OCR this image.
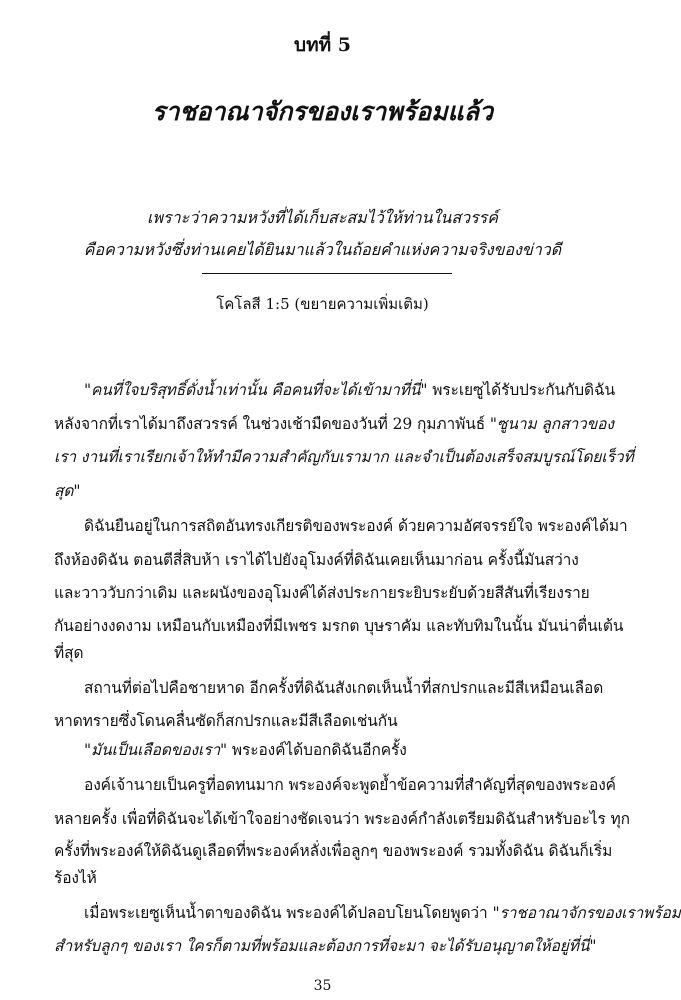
บทที่ 5
ราชอาณาจักรของเราพร้อมแล้ว
เพราะว่าความหวังที่ได้เก็บสะสมไว้ให้ท่านในสวรรค์
คือความหวังซึ่งท่านเคยได้ยินมาแล้วในถ้อยคำแห่งความจริงของข่าวดี
โคโลสี 1:5 (ขยายความเพิ่มเติม)
"คนที่ใจบริสุทธิ์ดั่งน้ำเท่านั้น คือคนที่จะได้เข้ามาที่นี่" พระเยซูได้รับประกันกับดิฉัน
หลังจากที่เราได้มาถึงสวรรค์ ในช่วงเช้ามืดของวันที่ 29 กุมภาพันธ์ "ซูนาม ลูกสาวของ
เรา งานที่เราเรียกเจ้าให้ทำมีความสำคัญกับเรามาก และจำเป็นต้องเสร็จสมบูรณ์โดยเร็วที่
สุด"
ดิฉันยืนอยู่ในการสถิตอันทรงเกียรติของพระองค์ ด้วยความอัศจรรย์ใจ พระองค์ได้มา
ถึงห้องดิฉัน ตอนตีสี่สิบห้า เราได้ไปยังอุโมงค์ที่ดิฉันเคยเห็นมาก่อน ครั้งนี้มันสว่าง
และวาววับกว่าเดิม และผนังของอุโมงค์ได้ส่งประกายระยิบระยับด้วยสีสันที่เรียงราย
กันอย่างงดงาม เหมือนกับเหมืองที่มีเพชร มรกต บุษราคัม และทับทิมในนั้น มันน่าตื่นเต้น
ที่สุด
สถานที่ต่อไปคือชายหาด อีกครั้งที่ดิฉันสังเกตเห็นน้ำที่สกปรกและมีสีเหมือนเลือด
หาดทรายซึ่งโดนคลื่นซัดก็สกปรกและมีสีเลือดเช่นกัน
"มันเป็นเลือดของเรา" พระองค์ได้บอกดิฉันอีกครั้ง
องค์เจ้านายเป็นครูที่อดทนมาก พระองค์จะพูดย้ำข้อความที่สำคัญที่สุดของพระองค์
หลายครั้ง เพื่อที่ดิฉันจะได้เข้าใจอย่างชัดเจนว่า พระองค์กำลังเตรียมดิฉันสำหรับอะไร ทุก
ครั้งที่พระองค์ให้ดิฉันดูเลือดที่พระองค์หลั่งเพื่อลูกๆ ของพระองค์ รวมทั้งดิฉัน ดิฉันก็เริ่ม
ร้องไห้
เมื่อพระเยซูเห็นน้ำตาของดิฉัน พระองค์ได้ปลอบโยนโดยพูดว่า "ราชอาณาจักรของเราพร้อม
สำหรับลูกๆ ของเรา ใครก็ตามที่พร้อมและต้องการที่จะมา จะได้รับอนุญาตให้อยู่ที่นี่"
35
